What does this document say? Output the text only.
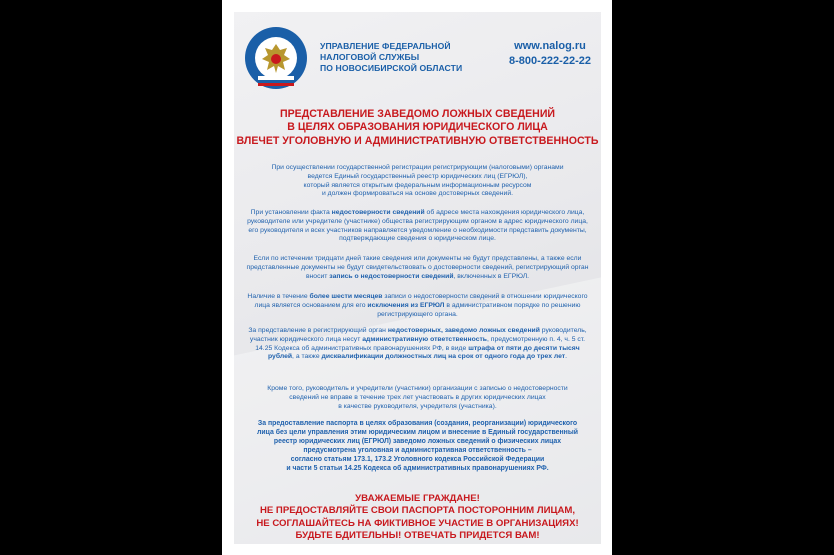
УПРАВЛЕНИЕ ФЕДЕРАЛЬНОЙ
НАЛОГОВОЙ СЛУЖБЫ
ПО НОВОСИБИРСКОЙ ОБЛАСТИ
www.nalog.ru
8-800-222-22-22
ПРЕДСТАВЛЕНИЕ ЗАВЕДОМО ЛОЖНЫХ СВЕДЕНИЙ
В ЦЕЛЯХ ОБРАЗОВАНИЯ ЮРИДИЧЕСКОГО ЛИЦА
ВЛЕЧЕТ УГОЛОВНУЮ И АДМИНИСТРАТИВНУЮ ОТВЕТСТВЕННОСТЬ
При осуществлении государственной регистрации регистрирующим (налоговыми) органами
ведется Единый государственный реестр юридических лиц (ЕГРЮЛ),
который является открытым федеральным информационным ресурсом
и должен формироваться на основе достоверных сведений.
При установлении факта недостоверности сведений об адресе места нахождения юридического лица, руководителе или учредителе (участнике) общества регистрирующим органом в адрес юридического лица, его руководителя и всех участников направляется уведомление о необходимости представить документы, подтверждающие сведения о юридическом лице.
Если по истечении тридцати дней такие сведения или документы не будут представлены, а также если представленные документы не будут свидетельствовать о достоверности сведений, регистрирующий орган вносит запись о недостоверности сведений, включенных в ЕГРЮЛ.
Наличие в течение более шести месяцев записи о недостоверности сведений в отношении юридического лица является основанием для его исключения из ЕГРЮЛ в административном порядке по решению регистрирующего органа.
За представление в регистрирующий орган недостоверных, заведомо ложных сведений руководитель, участник юридического лица несут административную ответственность, предусмотренную п. 4, ч. 5 ст. 14.25 Кодекса об административных правонарушениях РФ, в виде штрафа от пяти до десяти тысяч рублей, а также дисквалификации должностных лиц на срок от одного года до трех лет.
Кроме того, руководитель и учредители (участники) организации с записью о недостоверности
сведений не вправе в течение трех лет участвовать в других юридических лицах
в качестве руководителя, учредителя (участника).
За предоставление паспорта в целях образования (создания, реорганизации) юридического
лица без цели управления этим юридическим лицом и внесение в Единый государственный
реестр юридических лиц (ЕГРЮЛ) заведомо ложных сведений о физических лицах
предусмотрена уголовная и административная ответственность –
согласно статьям 173.1, 173.2 Уголовного кодекса Российской Федерации
и части 5 статьи 14.25 Кодекса об административных правонарушениях РФ.
УВАЖАЕМЫЕ ГРАЖДАНЕ!
НЕ ПРЕДОСТАВЛЯЙТЕ СВОИ ПАСПОРТА ПОСТОРОННИМ ЛИЦАМ,
НЕ СОГЛАШАЙТЕСЬ НА ФИКТИВНОЕ УЧАСТИЕ В ОРГАНИЗАЦИЯХ!
БУДЬТЕ БДИТЕЛЬНЫ! ОТВЕЧАТЬ ПРИДЕТСЯ ВАМ!
